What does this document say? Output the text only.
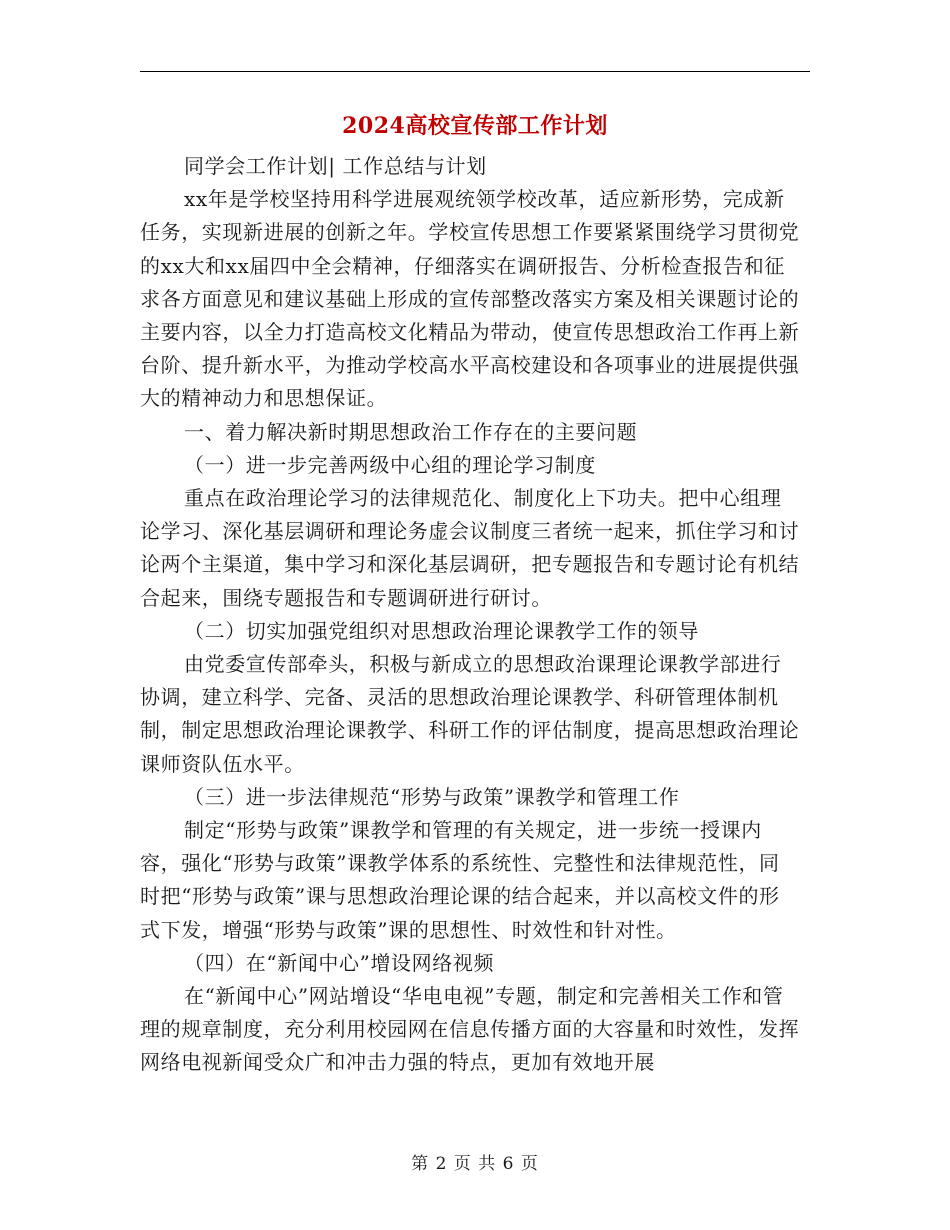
2024高校宣传部工作计划

同学会工作计划| 工作总结与计划

xx年是学校坚持用科学进展观统领学校改革，适应新形势，完成新任务，实现新进展的创新之年。学校宣传思想工作要紧紧围绕学习贯彻党的xx大和xx届四中全会精神，仔细落实在调研报告、分析检查报告和征求各方面意见和建议基础上形成的宣传部整改落实方案及相关课题讨论的主要内容，以全力打造高校文化精品为带动，使宣传思想政治工作再上新台阶、提升新水平，为推动学校高水平高校建设和各项事业的进展提供强大的精神动力和思想保证。

一、着力解决新时期思想政治工作存在的主要问题

（一）进一步完善两级中心组的理论学习制度

重点在政治理论学习的法律规范化、制度化上下功夫。把中心组理论学习、深化基层调研和理论务虚会议制度三者统一起来，抓住学习和讨论两个主渠道，集中学习和深化基层调研，把专题报告和专题讨论有机结合起来，围绕专题报告和专题调研进行研讨。

（二）切实加强党组织对思想政治理论课教学工作的领导

由党委宣传部牵头，积极与新成立的思想政治课理论课教学部进行协调，建立科学、完备、灵活的思想政治理论课教学、科研管理体制机制，制定思想政治理论课教学、科研工作的评估制度，提高思想政治理论课师资队伍水平。

（三）进一步法律规范“形势与政策”课教学和管理工作

制定“形势与政策”课教学和管理的有关规定，进一步统一授课内容，强化“形势与政策”课教学体系的系统性、完整性和法律规范性，同时把“形势与政策”课与思想政治理论课的结合起来，并以高校文件的形式下发，增强“形势与政策”课的思想性、时效性和针对性。

（四）在“新闻中心”增设网络视频

在“新闻中心”网站增设“华电电视”专题，制定和完善相关工作和管理的规章制度，充分利用校园网在信息传播方面的大容量和时效性，发挥网络电视新闻受众广和冲击力强的特点，更加有效地开展

第 2 页 共 6 页
